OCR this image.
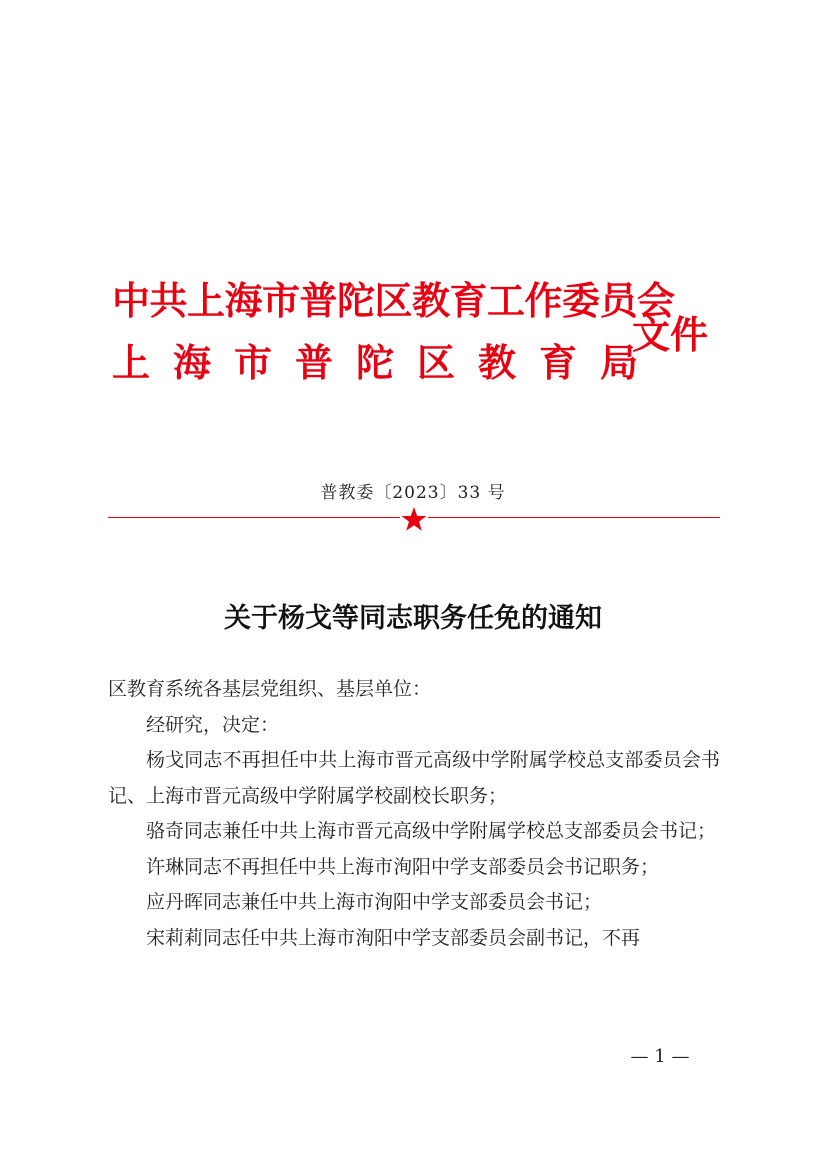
中共上海市普陀区教育工作委员会
上海市普陀区教育局
文件
普教委〔2023〕33 号
关于杨戈等同志职务任免的通知

区教育系统各基层党组织、基层单位：

经研究，决定：

杨戈同志不再担任中共上海市晋元高级中学附属学校总支部委员会书记、上海市晋元高级中学附属学校副校长职务；

骆奇同志兼任中共上海市晋元高级中学附属学校总支部委员会书记；

许琳同志不再担任中共上海市洵阳中学支部委员会书记职务；

应丹晖同志兼任中共上海市洵阳中学支部委员会书记；

宋莉莉同志任中共上海市洵阳中学支部委员会副书记，不再

— 1 —
